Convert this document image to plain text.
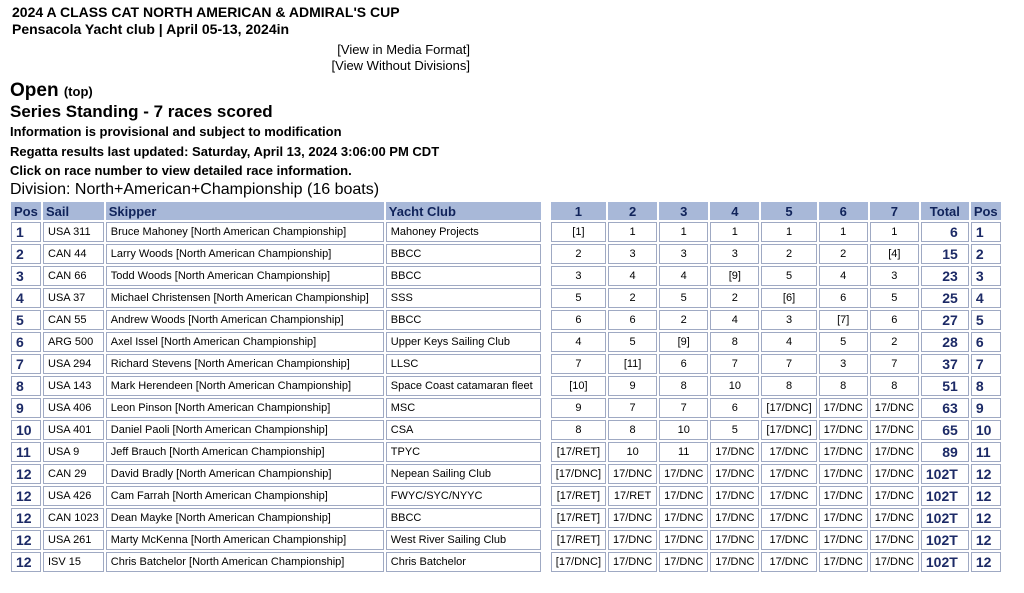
2024 A CLASS CAT NORTH AMERICAN & ADMIRAL'S CUP
Pensacola Yacht club | April 05-13, 2024in
[View in Media Format]
[View Without Divisions]
Open (top)
Series Standing - 7 races scored
Information is provisional and subject to modification
Regatta results last updated: Saturday, April 13, 2024 3:06:00 PM CDT
Click on race number to view detailed race information.
Division: North+American+Championship (16 boats)
Pos	Sail	Skipper	Yacht Club		1	2	3	4	5	6	7	Total	Pos
1	USA 311	Bruce Mahoney [North American Championship]	Mahoney Projects		[1]	1	1	1	1	1	1	6	1
2	CAN 44	Larry Woods [North American Championship]	BBCC		2	3	3	3	2	2	[4]	15	2
3	CAN 66	Todd Woods [North American Championship]	BBCC		3	4	4	[9]	5	4	3	23	3
4	USA 37	Michael Christensen [North American Championship]	SSS		5	2	5	2	[6]	6	5	25	4
5	CAN 55	Andrew Woods [North American Championship]	BBCC		6	6	2	4	3	[7]	6	27	5
6	ARG 500	Axel Issel [North American Championship]	Upper Keys Sailing Club		4	5	[9]	8	4	5	2	28	6
7	USA 294	Richard Stevens [North American Championship]	LLSC		7	[11]	6	7	7	3	7	37	7
8	USA 143	Mark Herendeen [North American Championship]	Space Coast catamaran fleet		[10]	9	8	10	8	8	8	51	8
9	USA 406	Leon Pinson [North American Championship]	MSC		9	7	7	6	[17/DNC]	17/DNC	17/DNC	63	9
10	USA 401	Daniel Paoli [North American Championship]	CSA		8	8	10	5	[17/DNC]	17/DNC	17/DNC	65	10
11	USA 9	Jeff Brauch [North American Championship]	TPYC		[17/RET]	10	11	17/DNC	17/DNC	17/DNC	17/DNC	89	11
12	CAN 29	David Bradly [North American Championship]	Nepean Sailing Club		[17/DNC]	17/DNC	17/DNC	17/DNC	17/DNC	17/DNC	17/DNC	102T	12
12	USA 426	Cam Farrah [North American Championship]	FWYC/SYC/NYYC		[17/RET]	17/RET	17/DNC	17/DNC	17/DNC	17/DNC	17/DNC	102T	12
12	CAN 1023	Dean Mayke [North American Championship]	BBCC		[17/RET]	17/DNC	17/DNC	17/DNC	17/DNC	17/DNC	17/DNC	102T	12
12	USA 261	Marty McKenna [North American Championship]	West River Sailing Club		[17/RET]	17/DNC	17/DNC	17/DNC	17/DNC	17/DNC	17/DNC	102T	12
12	ISV 15	Chris Batchelor [North American Championship]	Chris Batchelor		[17/DNC]	17/DNC	17/DNC	17/DNC	17/DNC	17/DNC	17/DNC	102T	12
